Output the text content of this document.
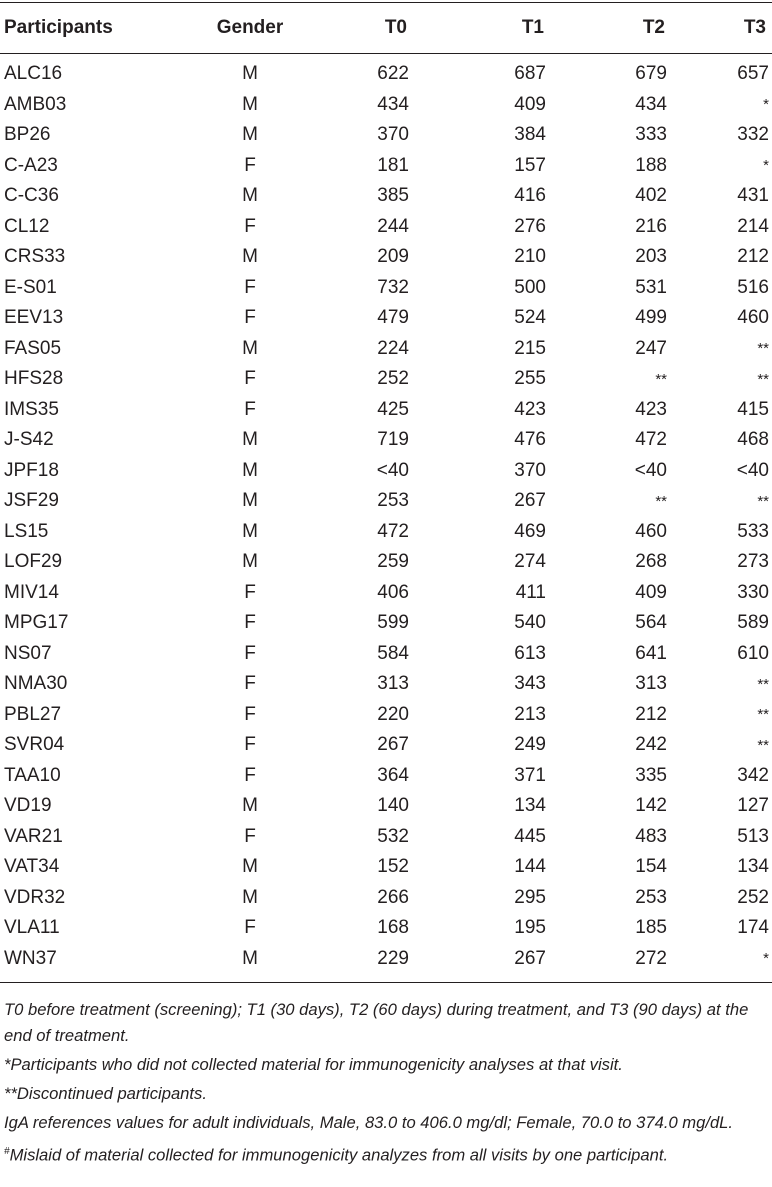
Participants	Gender	T0	T1	T2	T3
ALC16	M	622	687	679	657
AMB03	M	434	409	434	*
BP26	M	370	384	333	332
C-A23	F	181	157	188	*
C-C36	M	385	416	402	431
CL12	F	244	276	216	214
CRS33	M	209	210	203	212
E-S01	F	732	500	531	516
EEV13	F	479	524	499	460
FAS05	M	224	215	247	**
HFS28	F	252	255	**	**
IMS35	F	425	423	423	415
J-S42	M	719	476	472	468
JPF18	M	<40	370	<40	<40
JSF29	M	253	267	**	**
LS15	M	472	469	460	533
LOF29	M	259	274	268	273
MIV14	F	406	411	409	330
MPG17	F	599	540	564	589
NS07	F	584	613	641	610
NMA30	F	313	343	313	**
PBL27	F	220	213	212	**
SVR04	F	267	249	242	**
TAA10	F	364	371	335	342
VD19	M	140	134	142	127
VAR21	F	532	445	483	513
VAT34	M	152	144	154	134
VDR32	M	266	295	253	252
VLA11	F	168	195	185	174
WN37	M	229	267	272	*

T0 before treatment (screening); T1 (30 days), T2 (60 days) during treatment, and T3 (90 days) at the end of treatment.

*Participants who did not collected material for immunogenicity analyses at that visit.

**Discontinued participants.

IgA references values for adult individuals, Male, 83.0 to 406.0 mg/dl; Female, 70.0 to 374.0 mg/dL.

#Mislaid of material collected for immunogenicity analyzes from all visits by one participant.
